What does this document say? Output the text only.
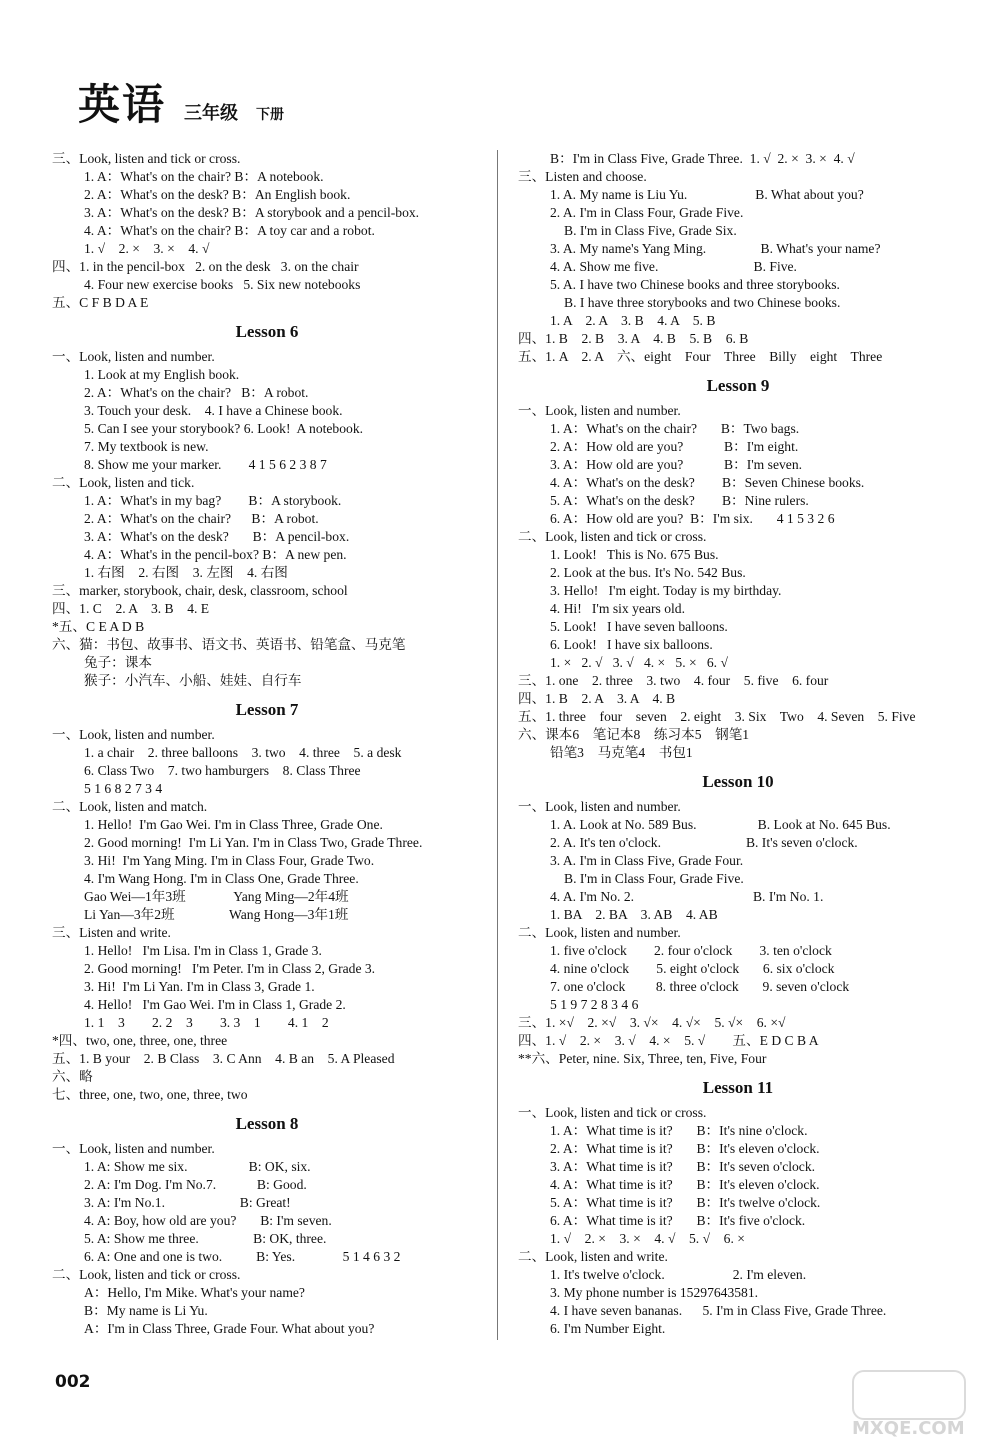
英语 三年级 下册
三、Look, listen and tick or cross.
1. A：What's on the chair? B：A notebook.
2. A：What's on the desk? B：An English book.
3. A：What's on the desk? B：A storybook and a pencil-box.
4. A：What's on the chair? B：A toy car and a robot.
1. √    2. ×    3. ×    4. √
四、1. in the pencil-box   2. on the desk   3. on the chair
4. Four new exercise books   5. Six new notebooks
五、C F B D A E
Lesson 6
一、Look, listen and number.
1. Look at my English book.
2. A：What's on the chair?   B：A robot.
3. Touch your desk.    4. I have a Chinese book.
5. Can I see your storybook? 6. Look!  A notebook.
7. My textbook is new.
8. Show me your marker.        4 1 5 6 2 3 8 7
二、Look, listen and tick.
1. A：What's in my bag?        B：A storybook.
2. A：What's on the chair?      B：A robot.
3. A：What's on the desk?       B：A pencil-box.
4. A：What's in the pencil-box? B：A new pen.
1. 右图    2. 右图    3. 左图    4. 右图
三、marker, storybook, chair, desk, classroom, school
四、1. C    2. A    3. B    4. E
*五、C E A D B
六、猫：书包、故事书、语文书、英语书、铅笔盒、马克笔
兔子：课本
猴子：小汽车、小船、娃娃、自行车
Lesson 7
一、Look, listen and number.
1. a chair    2. three balloons    3. two    4. three    5. a desk
6. Class Two    7. two hamburgers    8. Class Three
5 1 6 8 2 7 3 4
二、Look, listen and match.
1. Hello!  I'm Gao Wei. I'm in Class Three, Grade One.
2. Good morning!  I'm Li Yan. I'm in Class Two, Grade Three.
3. Hi!  I'm Yang Ming. I'm in Class Four, Grade Two.
4. I'm Wang Hong. I'm in Class One, Grade Three.
Gao Wei—1年3班              Yang Ming—2年4班
Li Yan—3年2班                Wang Hong—3年1班
三、Listen and write.
1. Hello!   I'm Lisa. I'm in Class 1, Grade 3.
2. Good morning!   I'm Peter. I'm in Class 2, Grade 3.
3. Hi!  I'm Li Yan. I'm in Class 3, Grade 1.
4. Hello!   I'm Gao Wei. I'm in Class 1, Grade 2.
1. 1    3        2. 2    3        3. 3    1        4. 1    2
*四、two, one, three, one, three
五、1. B your    2. B Class    3. C Ann    4. B an    5. A Pleased
六、略
七、three, one, two, one, three, two
Lesson 8
一、Look, listen and number.
1. A: Show me six.                  B: OK, six.
2. A: I'm Dog. I'm No.7.            B: Good.
3. A: I'm No.1.                      B: Great!
4. A: Boy, how old are you?       B: I'm seven.
5. A: Show me three.                B: OK, three.
6. A: One and one is two.          B: Yes.              5 1 4 6 3 2
二、Look, listen and tick or cross.
A：Hello, I'm Mike. What's your name?
B：My name is Li Yu.
A：I'm in Class Three, Grade Four. What about you?
B：I'm in Class Five, Grade Three.  1. √  2. ×  3. ×  4. √
三、Listen and choose.
1. A. My name is Liu Yu.                    B. What about you?
2. A. I'm in Class Four, Grade Five.
B. I'm in Class Five, Grade Six.
3. A. My name's Yang Ming.                B. What's your name?
4. A. Show me five.                            B. Five.
5. A. I have two Chinese books and three storybooks.
B. I have three storybooks and two Chinese books.
1. A    2. A    3. B    4. A    5. B
四、1. B    2. B    3. A    4. B    5. B    6. B
五、1. A    2. A    六、eight    Four    Three    Billy    eight    Three
Lesson 9
一、Look, listen and number.
1. A：What's on the chair?       B：Two bags.
2. A：How old are you?            B：I'm eight.
3. A：How old are you?            B：I'm seven.
4. A：What's on the desk?        B：Seven Chinese books.
5. A：What's on the desk?        B：Nine rulers.
6. A：How old are you?  B：I'm six.       4 1 5 3 2 6
二、Look, listen and tick or cross.
1. Look!   This is No. 675 Bus.
2. Look at the bus. It's No. 542 Bus.
3. Hello!   I'm eight. Today is my birthday.
4. Hi!   I'm six years old.
5. Look!   I have seven balloons.
6. Look!   I have six balloons.
1. ×   2. √   3. √   4. ×   5. ×   6. √
三、1. one    2. three    3. two    4. four    5. five    6. four
四、1. B    2. A    3. A    4. B
五、1. three    four    seven    2. eight    3. Six    Two    4. Seven    5. Five
六、课本6    笔记本8    练习本5    钢笔1
铅笔3    马克笔4    书包1
Lesson 10
一、Look, listen and number.
1. A. Look at No. 589 Bus.                  B. Look at No. 645 Bus.
2. A. It's ten o'clock.                         B. It's seven o'clock.
3. A. I'm in Class Five, Grade Four.
B. I'm in Class Four, Grade Five.
4. A. I'm No. 2.                                   B. I'm No. 1.
1. BA    2. BA    3. AB    4. AB
二、Look, listen and number.
1. five o'clock        2. four o'clock        3. ten o'clock
4. nine o'clock        5. eight o'clock       6. six o'clock
7. one o'clock         8. three o'clock       9. seven o'clock
5 1 9 7 2 8 3 4 6
三、1. ×√    2. ×√    3. √×    4. √×    5. √×    6. ×√
四、1. √    2. ×    3. √    4. ×    5. √        五、E D C B A
**六、Peter, nine. Six, Three, ten, Five, Four
Lesson 11
一、Look, listen and tick or cross.
1. A：What time is it?       B：It's nine o'clock.
2. A：What time is it?       B：It's eleven o'clock.
3. A：What time is it?       B：It's seven o'clock.
4. A：What time is it?       B：It's eleven o'clock.
5. A：What time is it?       B：It's twelve o'clock.
6. A：What time is it?       B：It's five o'clock.
1. √    2. ×    3. ×    4. √    5. √    6. ×
二、Look, listen and write.
1. It's twelve o'clock.                    2. I'm eleven.
3. My phone number is 15297643581.
4. I have seven bananas.      5. I'm in Class Five, Grade Three.
6. I'm Number Eight.
002
MXQE.COM
